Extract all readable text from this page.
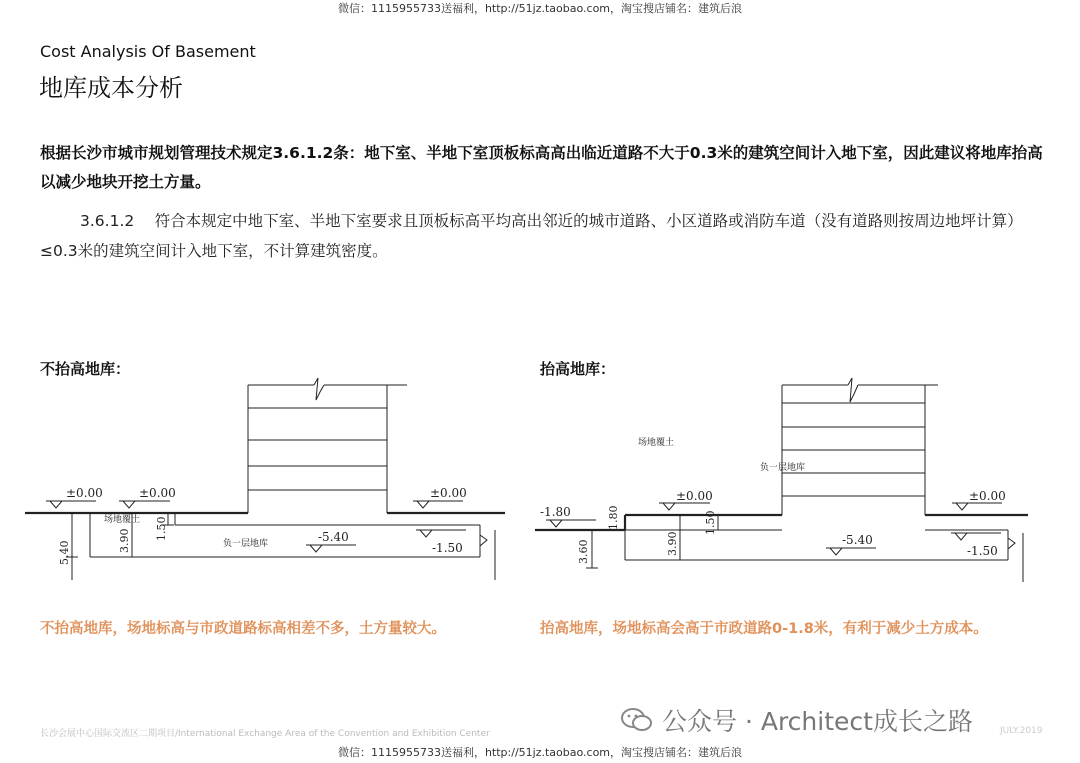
微信：1115955733送福利，http://51jz.taobao.com，淘宝搜店铺名：建筑后浪
Cost Analysis Of Basement
地库成本分析
根据长沙市城市规划管理技术规定3.6.1.2条：地下室、半地下室顶板标高高出临近道路不大于0.3米的建筑空间计入地下室，因此建议将地库抬高以减少地块开挖土方量。
3.6.1.2　 符合本规定中地下室、半地下室要求且顶板标高平均高出邻近的城市道路、小区道路或消防车道（没有道路则按周边地坪计算）≤0.3米的建筑空间计入地下室，不计算建筑密度。
不抬高地库：
±0.00	±0.00	±0.00
-5.40
-1.50
场地覆土
负一层地库
5.40	3.90 1.50
不抬高地库，场地标高与市政道路标高相差不多，土方量较大。
抬高地库：
-1.80
±0.00	±0.00
-5.40
-1.50
场地覆土
负一层地库
1.80
3.60	3.90
1.50
抬高地库，场地标高会高于市政道路0-1.8米，有利于减少土方成本。
长沙会展中心国际交流区二期项目/International Exchange Area of the Convention and Exhibition Center	JULY.2019
公众号 · Architect成长之路
微信：1115955733送福利，http://51jz.taobao.com，淘宝搜店铺名：建筑后浪
